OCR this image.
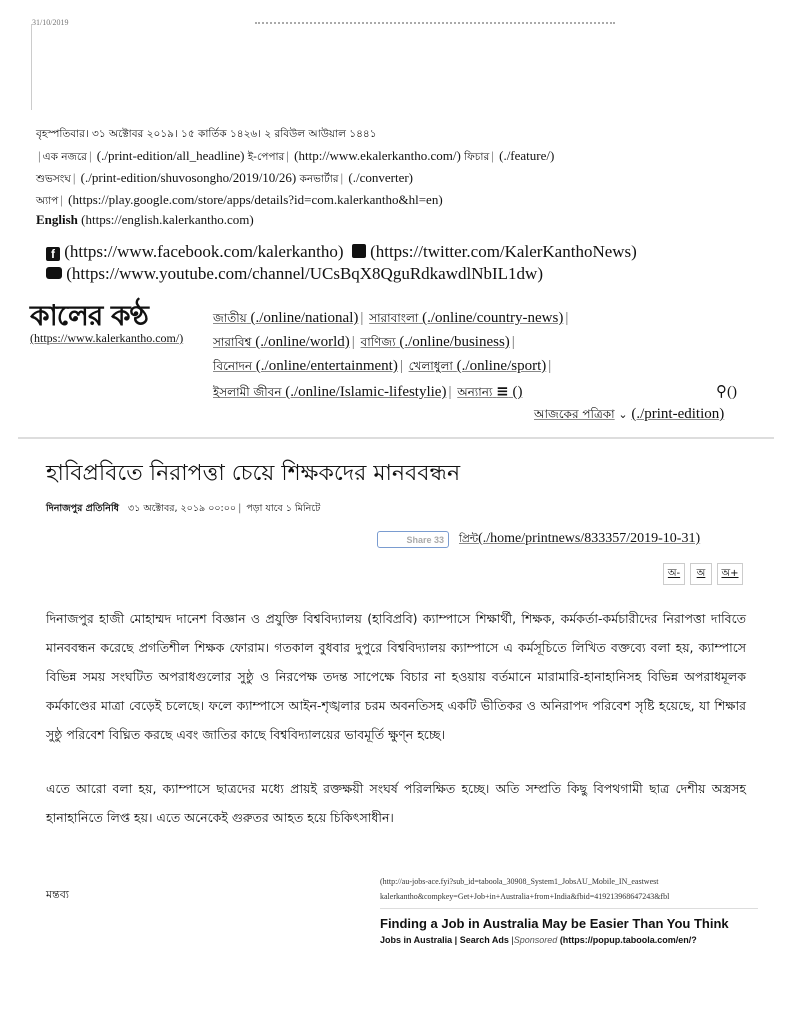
31/10/2019
বৃহস্পতিবার। ৩১ অক্টোবর ২০১৯। ১৫ কার্তিক ১৪২৬। ২ রবিউল আউয়াল ১৪৪১
| এক নজরে | (./print-edition/all_headline) ই-পেপার | (http://www.ekalerkantho.com/) ফিচার | (./feature/)
শুভসংঘ | (./print-edition/shuvosongho/2019/10/26) কনভার্টার | (./converter)
অ্যাপ | (https://play.google.com/store/apps/details?id=com.kalerkantho&hl=en)
English (https://english.kalerkantho.com)
f (https://www.facebook.com/kalerkantho) (https://twitter.com/KalerKanthoNews)
(https://www.youtube.com/channel/UCsBqX8QguRdkawdlNbIL1dw)
কালের কণ্ঠ
(https://www.kalerkantho.com/)
জাতীয় (./online/national) | সারাবাংলা (./online/country-news) |
সারাবিশ্ব (./online/world) | বাণিজ্য (./online/business) |
বিনোদন (./online/entertainment) | খেলাধুলা (./online/sport) |
ইসলামী জীবন (./online/Islamic-lifestylie) | অন্যান্য ≡ ()	⚲()
আজকের পত্রিকা ⌄ (./print-edition)
হাবিপ্রবিতে নিরাপত্তা চেয়ে শিক্ষকদের মানববন্ধন
দিনাজপুর প্রতিনিধি ৩১ অক্টোবর, ২০১৯ ০০:০০ | পড়া যাবে ১ মিনিটে
Share 33	প্রিন্ট(./home/printnews/833357/2019-10-31)
অ-	অ	অ+

দিনাজপুর হাজী মোহাম্মদ দানেশ বিজ্ঞান ও প্রযুক্তি বিশ্ববিদ্যালয় (হাবিপ্রবি) ক্যাম্পাসে শিক্ষার্থী, শিক্ষক, কর্মকর্তা-কর্মচারীদের নিরাপত্তা দাবিতে মানববন্ধন করেছে প্রগতিশীল শিক্ষক ফোরাম। গতকাল বুধবার দুপুরে বিশ্ববিদ্যালয় ক্যাম্পাসে এ কর্মসূচিতে লিখিত বক্তব্যে বলা হয়, ক্যাম্পাসে বিভিন্ন সময় সংঘটিত অপরাধগুলোর সুষ্ঠু ও নিরপেক্ষ তদন্ত সাপেক্ষে বিচার না হওয়ায় বর্তমানে মারামারি-হানাহানিসহ বিভিন্ন অপরাধমূলক কর্মকাণ্ডের মাত্রা বেড়েই চলেছে। ফলে ক্যাম্পাসে আইন-শৃঙ্খলার চরম অবনতিসহ একটি ভীতিকর ও অনিরাপদ পরিবেশ সৃষ্টি হয়েছে, যা শিক্ষার সুষ্ঠু পরিবেশ বিঘ্নিত করছে এবং জাতির কাছে বিশ্ববিদ্যালয়ের ভাবমূর্তি ক্ষুণ্ন হচ্ছে।

এতে আরো বলা হয়, ক্যাম্পাসে ছাত্রদের মধ্যে প্রায়ই রক্তক্ষয়ী সংঘর্ষ পরিলক্ষিত হচ্ছে। অতি সম্প্রতি কিছু বিপথগামী ছাত্র দেশীয় অস্ত্রসহ হানাহানিতে লিপ্ত হয়। এতে অনেকেই গুরুতর আহত হয়ে চিকিৎসাধীন।

মন্তব্য
(http://au-jobs-ace.fyi?sub_id=taboola_30908_System1_JobsAU_Mobile_IN_eastwest
kalerkantho&compkey=Get+Job+in+Australia+from+India&fbid=419213968647243&fbl
Finding a Job in Australia May be Easier Than You Think
Jobs in Australia | Search Ads |Sponsored (https://popup.taboola.com/en/?
